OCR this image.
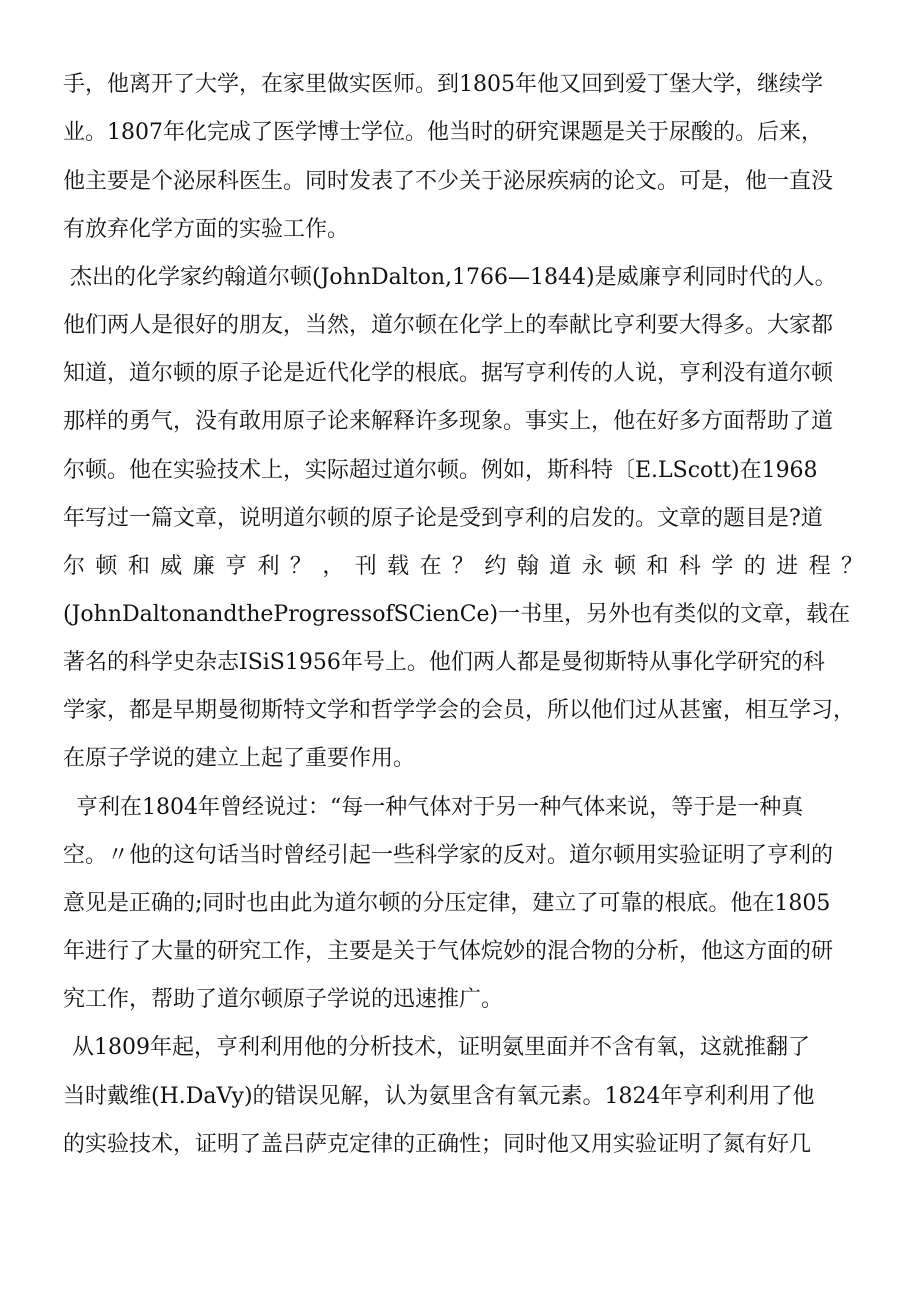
手，他离开了大学，在家里做实医师。到1805年他又回到爱丁堡大学，继续学

业。1807年化完成了医学博士学位。他当时的研究课题是关于尿酸的。后来，

他主要是个泌尿科医生。同时发表了不少关于泌尿疾病的论文。可是，他一直没

有放弃化学方面的实验工作。

杰出的化学家约翰道尔顿(JohnDalton,1766—1844)是威廉亨利同时代的人。

他们两人是很好的朋友，当然，道尔顿在化学上的奉献比亨利要大得多。大家都

知道，道尔顿的原子论是近代化学的根底。据写亨利传的人说，亨利没有道尔顿

那样的勇气，没有敢用原子论来解释许多现象。事实上，他在好多方面帮助了道

尔顿。他在实验技术上，实际超过道尔顿。例如，斯科特〔E.LScott)在1968

年写过一篇文章，说明道尔顿的原子论是受到亨利的启发的。文章的题目是?道

尔顿和威廉亨利？，刊载在？约翰道永顿和科学的进程？

(JohnDaltonandtheProgressofSCienCe)一书里，另外也有类似的文章，载在

著名的科学史杂志ISiS1956年号上。他们两人都是曼彻斯特从事化学研究的科

学家，都是早期曼彻斯特文学和哲学学会的会员，所以他们过从甚蜜，相互学习，

在原子学说的建立上起了重要作用。

亨利在1804年曾经说过：“每一种气体对于另一种气体来说，等于是一种真

空。〃他的这句话当时曾经引起一些科学家的反对。道尔顿用实验证明了亨利的

意见是正确的;同时也由此为道尔顿的分压定律，建立了可靠的根底。他在1805

年进行了大量的研究工作，主要是关于气体烷妙的混合物的分析，他这方面的研

究工作，帮助了道尔顿原子学说的迅速推广。

从1809年起，亨利利用他的分析技术，证明氨里面并不含有氧，这就推翻了

当时戴维(H.DaVy)的错误见解，认为氨里含有氧元素。1824年亨利利用了他

的实验技术，证明了盖吕萨克定律的正确性；同时他又用实验证明了氮有好几
